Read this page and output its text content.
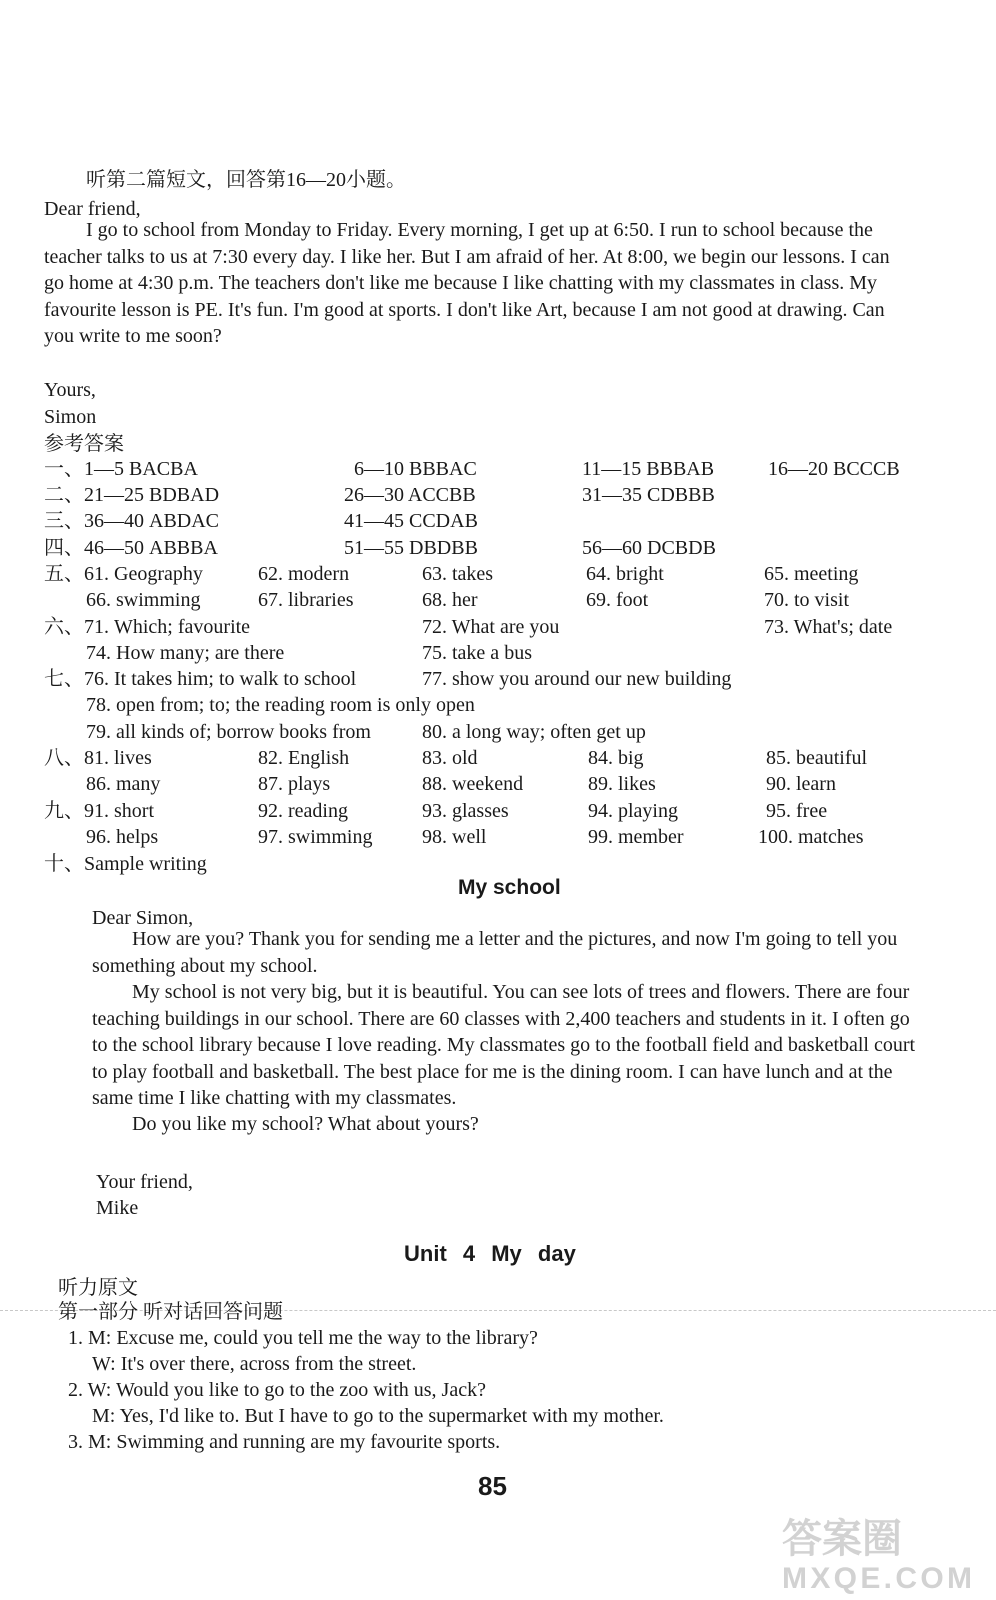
听第二篇短文，回答第16—20小题。
Dear friend,
I go to school from Monday to Friday. Every morning, I get up at 6:50. I run to school because the teacher talks to us at 7:30 every day. I like her. But I am afraid of her. At 8:00, we begin our lessons. I can go home at 4:30 p.m. The teachers don't like me because I like chatting with my classmates in class. My favourite lesson is PE. It's fun. I'm good at sports. I don't like Art, because I am not good at drawing. Can you write to me soon?
Yours,
Simon
参考答案
一、1—5 BACBA	6—10 BBBAC	11—15 BBBAB	16—20 BCCCB
二、21—25 BDBAD	26—30 ACCBB	31—35 CDBBB
三、36—40 ABDAC	41—45 CCDAB
四、46—50 ABBBA	51—55 DBDBB	56—60 DCBDB
五、61. Geography	62. modern	63. takes	64. bright	65. meeting
66. swimming	67. libraries	68. her	69. foot	70. to visit
六、71. Which; favourite	72. What are you	73. What's; date
74. How many; are there	75. take a bus
七、76. It takes him; to walk to school	77. show you around our new building
78. open from; to; the reading room is only open
79. all kinds of; borrow books from	80. a long way; often get up
八、81. lives	82. English	83. old	84. big	85. beautiful
86. many	87. plays	88. weekend	89. likes	90. learn
九、91. short	92. reading	93. glasses	94. playing	95. free
96. helps	97. swimming 98. well	99. member	100. matches
十、Sample writing
My school
Dear Simon,
How are you? Thank you for sending me a letter and the pictures, and now I'm going to tell you something about my school.
My school is not very big, but it is beautiful. You can see lots of trees and flowers. There are four teaching buildings in our school. There are 60 classes with 2,400 teachers and students in it. I often go to the school library because I love reading. My classmates go to the football field and basketball court to play football and basketball. The best place for me is the dining room. I can have lunch and at the same time I like chatting with my classmates.
Do you like my school? What about yours?
Your friend,
Mike
Unit 4 My day
听力原文
第一部分 听对话回答问题
1. M: Excuse me, could you tell me the way to the library?
W: It's over there, across from the street.
2. W: Would you like to go to the zoo with us, Jack?
M: Yes, I'd like to. But I have to go to the supermarket with my mother.
3. M: Swimming and running are my favourite sports.
85
答案圈
MXQE.COM
